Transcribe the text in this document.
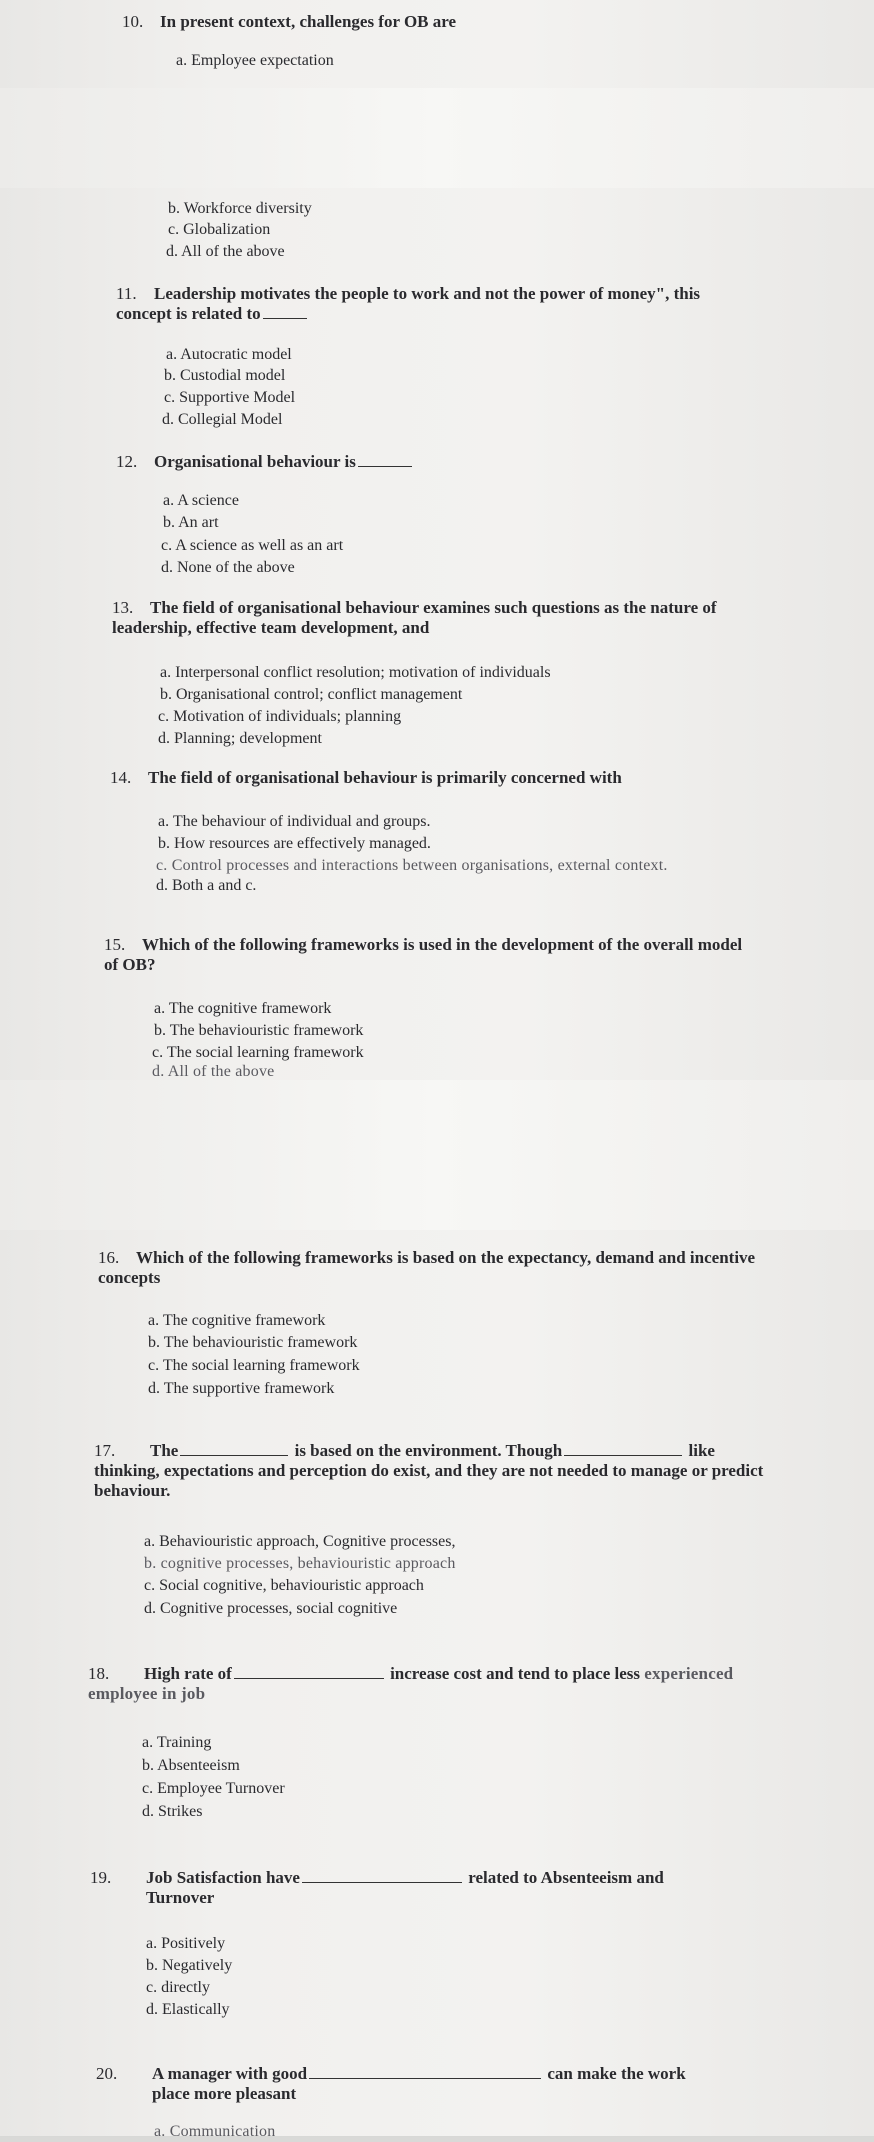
10. In present context, challenges for OB are
a. Employee expectation
b. Workforce diversity
c. Globalization
d. All of the above
11. Leadership motivates the people to work and not the power of money", this concept is related to
a. Autocratic model
b. Custodial model
c. Supportive Model
d. Collegial Model
12. Organisational behaviour is
a. A science
b. An art
c. A science as well as an art
d. None of the above
13. The field of organisational behaviour examines such questions as the nature of leadership, effective team development, and
a. Interpersonal conflict resolution; motivation of individuals
b. Organisational control; conflict management
c. Motivation of individuals; planning
d. Planning; development
14. The field of organisational behaviour is primarily concerned with
a. The behaviour of individual and groups.
b. How resources are effectively managed.
c. Control processes and interactions between organisations, external context.
d. Both a and c.
15. Which of the following frameworks is used in the development of the overall model of OB?
a. The cognitive framework
b. The behaviouristic framework
c. The social learning framework
d. All of the above
16. Which of the following frameworks is based on the expectancy, demand and incentive concepts
a. The cognitive framework
b. The behaviouristic framework
c. The social learning framework
d. The supportive framework
17. The	is based on the environment. Though	like thinking, expectations and perception do exist, and they are not needed to manage or predict behaviour.
a. Behaviouristic approach, Cognitive processes,
b. cognitive processes, behaviouristic approach
c. Social cognitive, behaviouristic approach
d. Cognitive processes, social cognitive
18. High rate of	increase cost and tend to place less experienced employee in job
a. Training
b. Absenteeism
c. Employee Turnover
d. Strikes
19. Job Satisfaction have	related to Absenteeism and
Turnover
a. Positively
b. Negatively
c. directly
d. Elastically
20. A manager with good	can make the work
place more pleasant
a. Communication
